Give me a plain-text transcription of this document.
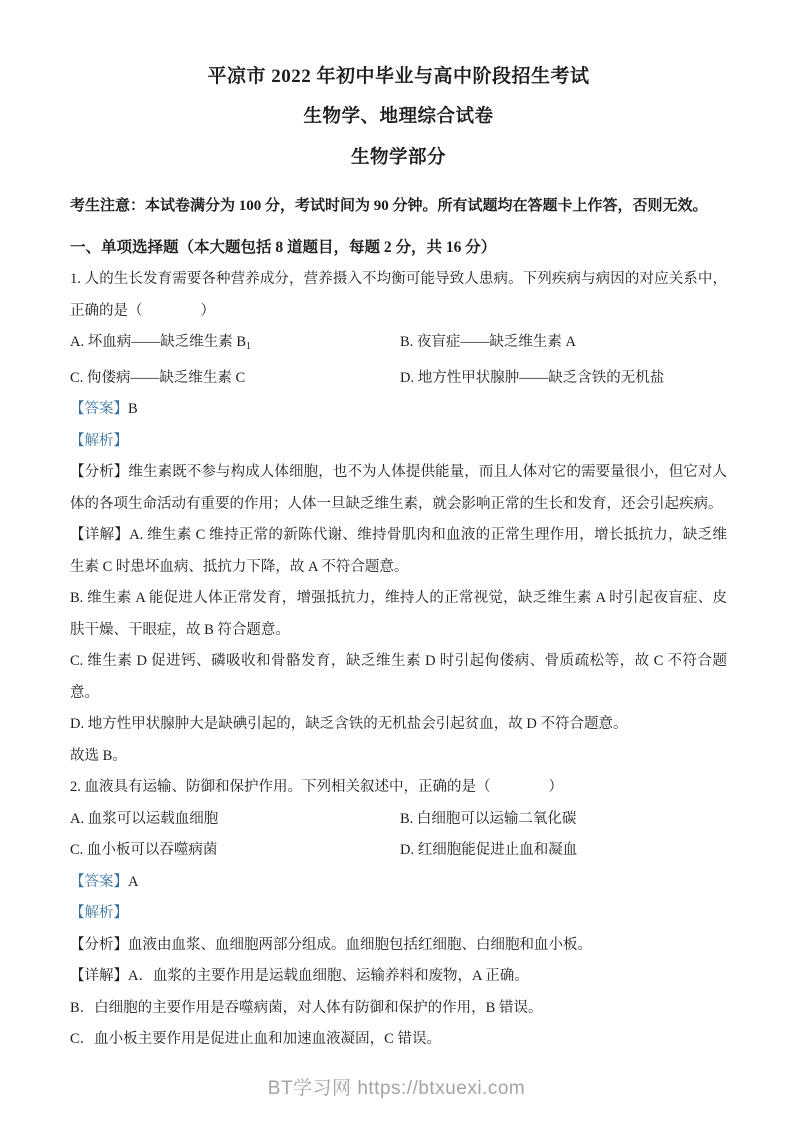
平凉市 2022 年初中毕业与高中阶段招生考试
生物学、地理综合试卷
生物学部分

考生注意：本试卷满分为 100 分，考试时间为 90 分钟。所有试题均在答题卡上作答，否则无效。

一、单项选择题（本大题包括 8 道题目，每题 2 分，共 16 分）

1. 人的生长发育需要各种营养成分，营养摄入不均衡可能导致人患病。下列疾病与病因的对应关系中，正确的是（　　　　）

A. 坏血病——缺乏维生素 $B_1$	B. 夜盲症——缺乏维生素 A
C. 佝偻病——缺乏维生素 C	D. 地方性甲状腺肿——缺乏含铁的无机盐

【答案】B

【解析】

【分析】维生素既不参与构成人体细胞，也不为人体提供能量，而且人体对它的需要量很小，但它对人体的各项生命活动有重要的作用；人体一旦缺乏维生素，就会影响正常的生长和发育，还会引起疾病。

【详解】A. 维生素 C 维持正常的新陈代谢、维持骨肌肉和血液的正常生理作用，增长抵抗力，缺乏维生素 C 时患坏血病、抵抗力下降，故 A 不符合题意。

B. 维生素 A 能促进人体正常发育，增强抵抗力，维持人的正常视觉，缺乏维生素 A 时引起夜盲症、皮肤干燥、干眼症，故 B 符合题意。

C. 维生素 D 促进钙、磷吸收和骨骼发育，缺乏维生素 D 时引起佝偻病、骨质疏松等，故 C 不符合题意。

D. 地方性甲状腺肿大是缺碘引起的，缺乏含铁的无机盐会引起贫血，故 D 不符合题意。

故选 B。

2. 血液具有运输、防御和保护作用。下列相关叙述中，正确的是（　　　　）

A. 血浆可以运载血细胞	B. 白细胞可以运输二氧化碳
C. 血小板可以吞噬病菌	D. 红细胞能促进止血和凝血

【答案】A

【解析】

【分析】血液由血浆、血细胞两部分组成。血细胞包括红细胞、白细胞和血小板。

【详解】A．血浆的主要作用是运载血细胞、运输养料和废物，A 正确。

B．白细胞的主要作用是吞噬病菌，对人体有防御和保护的作用，B 错误。

C．血小板主要作用是促进止血和加速血液凝固，C 错误。

BT学习网 https://btxuexi.com
